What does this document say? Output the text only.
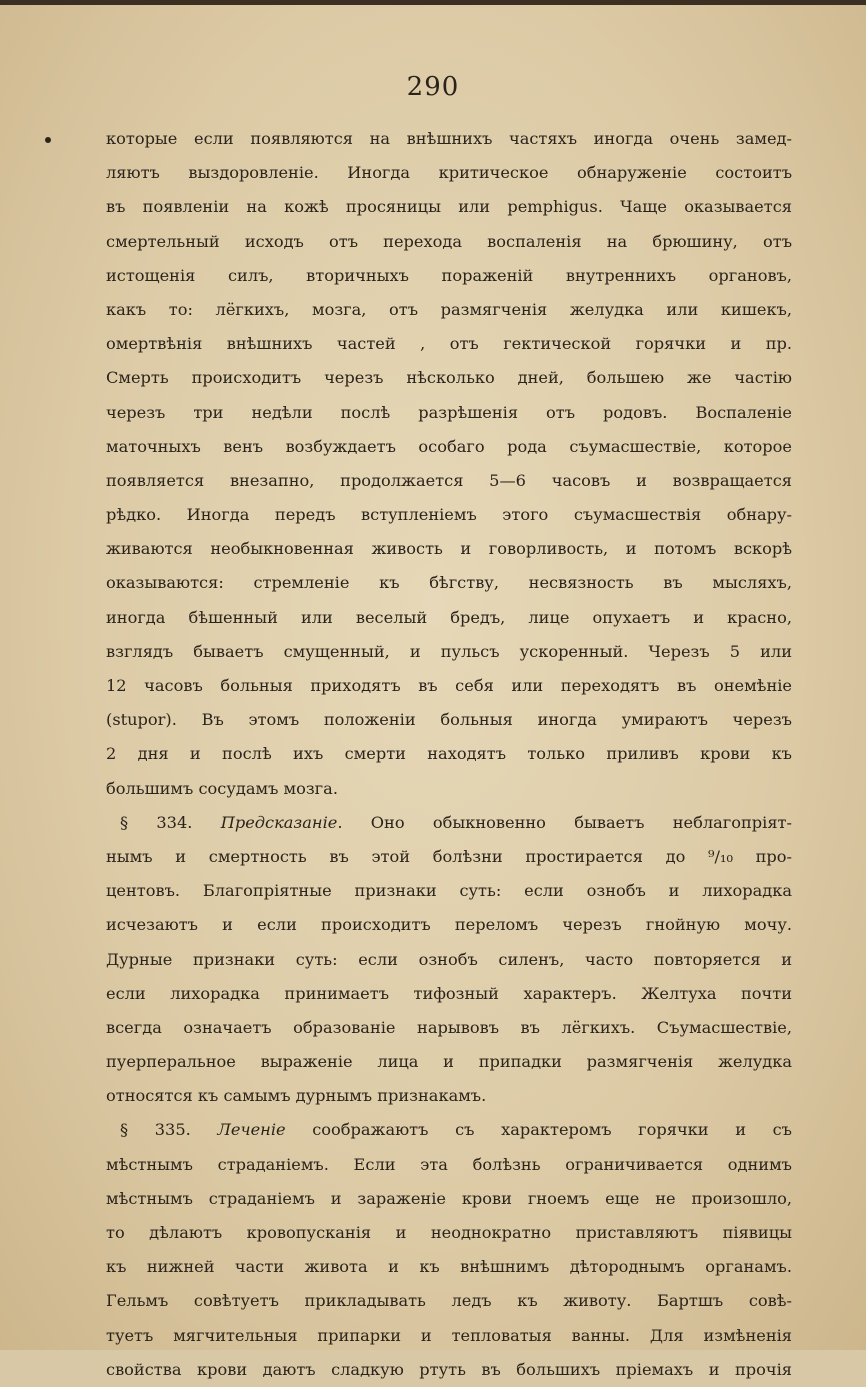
290
которые если появляются на внѣшнихъ частяхъ иногда очень замед-
ляютъ выздоровленіе. Иногда критическое обнаруженіе состоитъ
въ появленіи на кожѣ просяницы или pemphigus. Чаще оказывается
смертельный исходъ отъ перехода воспаленія на брюшину, отъ
истощенія силъ, вторичныхъ пораженій внутреннихъ органовъ,
какъ то: лёгкихъ, мозга, отъ размягченія желудка или кишекъ,
омертвѣнія внѣшнихъ частей , отъ гектической горячки и пр.
Смерть происходитъ черезъ нѣсколько дней, большею же частію
черезъ три недѣли послѣ разрѣшенія отъ родовъ. Воспаленіе
маточныхъ венъ возбуждаетъ особаго рода съумасшествіе, которое
появляется внезапно, продолжается 5—6 часовъ и возвращается
рѣдко. Иногда передъ вступленіемъ этого съумасшествія обнару-
живаются необыкновенная живость и говорливость, и потомъ вскорѣ
оказываются: стремленіе къ бѣгству, несвязность въ мысляхъ,
иногда бѣшенный или веселый бредъ, лице опухаетъ и красно,
взглядъ бываетъ смущенный, и пульсъ ускоренный. Черезъ 5 или
12 часовъ больныя приходятъ въ себя или переходятъ въ онемѣніе
(stupor). Въ этомъ положеніи больныя иногда умираютъ черезъ
2 дня и послѣ ихъ смерти находятъ только приливъ крови къ
большимъ сосудамъ мозга.
§ 334. Предсказаніе. Оно обыкновенно бываетъ неблагопріят-
нымъ и смертность въ этой болѣзни простирается до ⁹/₁₀ про-
центовъ. Благопріятные признаки суть: если ознобъ и лихорадка
исчезаютъ и если происходитъ переломъ черезъ гнойную мочу.
Дурные признаки суть: если ознобъ силенъ, часто повторяется и
если лихорадка принимаетъ тифозный характеръ. Желтуха почти
всегда означаетъ образованіе нарывовъ въ лёгкихъ. Съумасшествіе,
пуерперальное выраженіе лица и припадки размягченія желудка
относятся къ самымъ дурнымъ признакамъ.
§ 335. Леченіе соображаютъ съ характеромъ горячки и съ
мѣстнымъ страданіемъ. Если эта болѣзнь ограничивается однимъ
мѣстнымъ страданіемъ и зараженіе крови гноемъ еще не произошло,
то дѣлаютъ кровопусканія и неоднократно приставляютъ піявицы
къ нижней части живота и къ внѣшнимъ дѣтороднымъ органамъ.
Гельмъ совѣтуетъ прикладывать ледъ къ животу. Бартшъ совѣ-
туетъ мягчительныя припарки и тепловатыя ванны. Для измѣненія
свойства крови даютъ сладкую ртуть въ большихъ пріемахъ и прочія
